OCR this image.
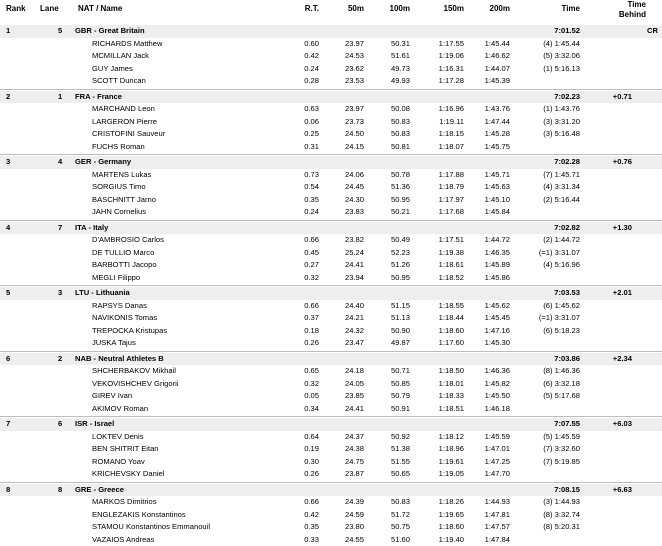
Rank Lane NAT / Name	R.T.	50m	100m	150m	200m	Time	Time
Behind
1	5	GBR - Great Britain	7:01.52	CR
RICHARDS Matthew	0.60	23.97	50.31	1:17.55	1:45.44	(4) 1:45.44
MCMILLAN Jack	0.42	24.53	51.61	1:19.06	1:46.62	(5) 3:32.06
GUY James	0.24	23.62	49.73	1:16.31	1:44.07	(1) 5:16.13
SCOTT Duncan	0.28	23.53	49.93	1:17.28	1:45.39
2	1	FRA - France	7:02.23	+0.71
MARCHAND Leon	0.63	23.97	50.08	1:16.96	1:43.76	(1) 1:43.76
LARGERON Pierre	0.06	23.73	50.83	1:19.11	1:47.44	(3) 3:31.20
CRISTOFINI Sauveur	0.25	24.50	50.83	1:18.15	1:45.28	(3) 5:16.48
FUCHS Roman	0.31	24.15	50.81	1:18.07	1:45.75
3	4	GER - Germany	7:02.28	+0.76
MARTENS Lukas	0.73	24.06	50.78	1:17.88	1:45.71	(7) 1:45.71
SORGIUS Timo	0.54	24.45	51.36	1:18.79	1:45.63	(4) 3:31.34
BASCHNITT Jarno	0.35	24.30	50.95	1:17.97	1:45.10	(2) 5:16.44
JAHN Cornelius	0.24	23.83	50.21	1:17.68	1:45.84
4	7	ITA - Italy	7:02.82	+1.30
D'AMBROSIO Carlos	0.66	23.82	50.49	1:17.51	1:44.72	(2) 1:44.72
DE TULLIO Marco	0.45	25.24	52.23	1:19.38	1:46.35	(=1) 3:31.07
BARBOTTI Jacopo	0.27	24.41	51.26	1:18.61	1:45.89	(4) 5:16.96
MEGLI Filippo	0.32	23.94	50.95	1:18.52	1:45.86
5	3	LTU - Lithuania	7:03.53	+2.01
RAPSYS Danas	0.66	24.40	51.15	1:18.55	1:45.62	(6) 1:45.62
NAVIKONIS Tomas	0.37	24.21	51.13	1:18.44	1:45.45	(=1) 3:31.07
TREPOCKA Kristupas	0.18	24.32	50.90	1:18.60	1:47.16	(6) 5:18.23
JUSKA Tajus	0.26	23.47	49.87	1:17.60	1:45.30
6	2	NAB - Neutral Athletes B	7:03.86	+2.34
SHCHERBAKOV Mikhail	0.65	24.18	50.71	1:18.50	1:46.36	(8) 1:46.36
VEKOVISHCHEV Grigorii	0.32	24.05	50.85	1:18.01	1:45.82	(6) 3:32.18
GIREV Ivan	0.05	23.85	50.79	1:18.33	1:45.50	(5) 5:17.68
AKIMOV Roman	0.34	24.41	50.91	1:18.51	1:46.18
7	6	ISR - Israel	7:07.55	+6.03
LOKTEV Denis	0.64	24.37	50.92	1:18.12	1:45.59	(5) 1:45.59
BEN SHITRIT Eitan	0.19	24.38	51.38	1:18.96	1:47.01	(7) 3:32.60
ROMANO Yoav	0.30	24.75	51.55	1:19.61	1:47.25	(7) 5:19.85
KRICHEVSKY Daniel	0.26	23.87	50.65	1:19.05	1:47.70
8	8	GRE - Greece	7:08.15	+6.63
MARKOS Dimitrios	0.66	24.39	50.83	1:18.26	1:44.93	(3) 1:44.93
ENGLEZAKIS Konstantinos	0.42	24.59	51.72	1:19.65	1:47.81	(8) 3:32.74
STAMOU Konstantinos Emmanouil	0.35	23.80	50.75	1:18.60	1:47.57	(8) 5:20.31
VAZAIOS Andreas	0.33	24.55	51.60	1:19.40	1:47.84
